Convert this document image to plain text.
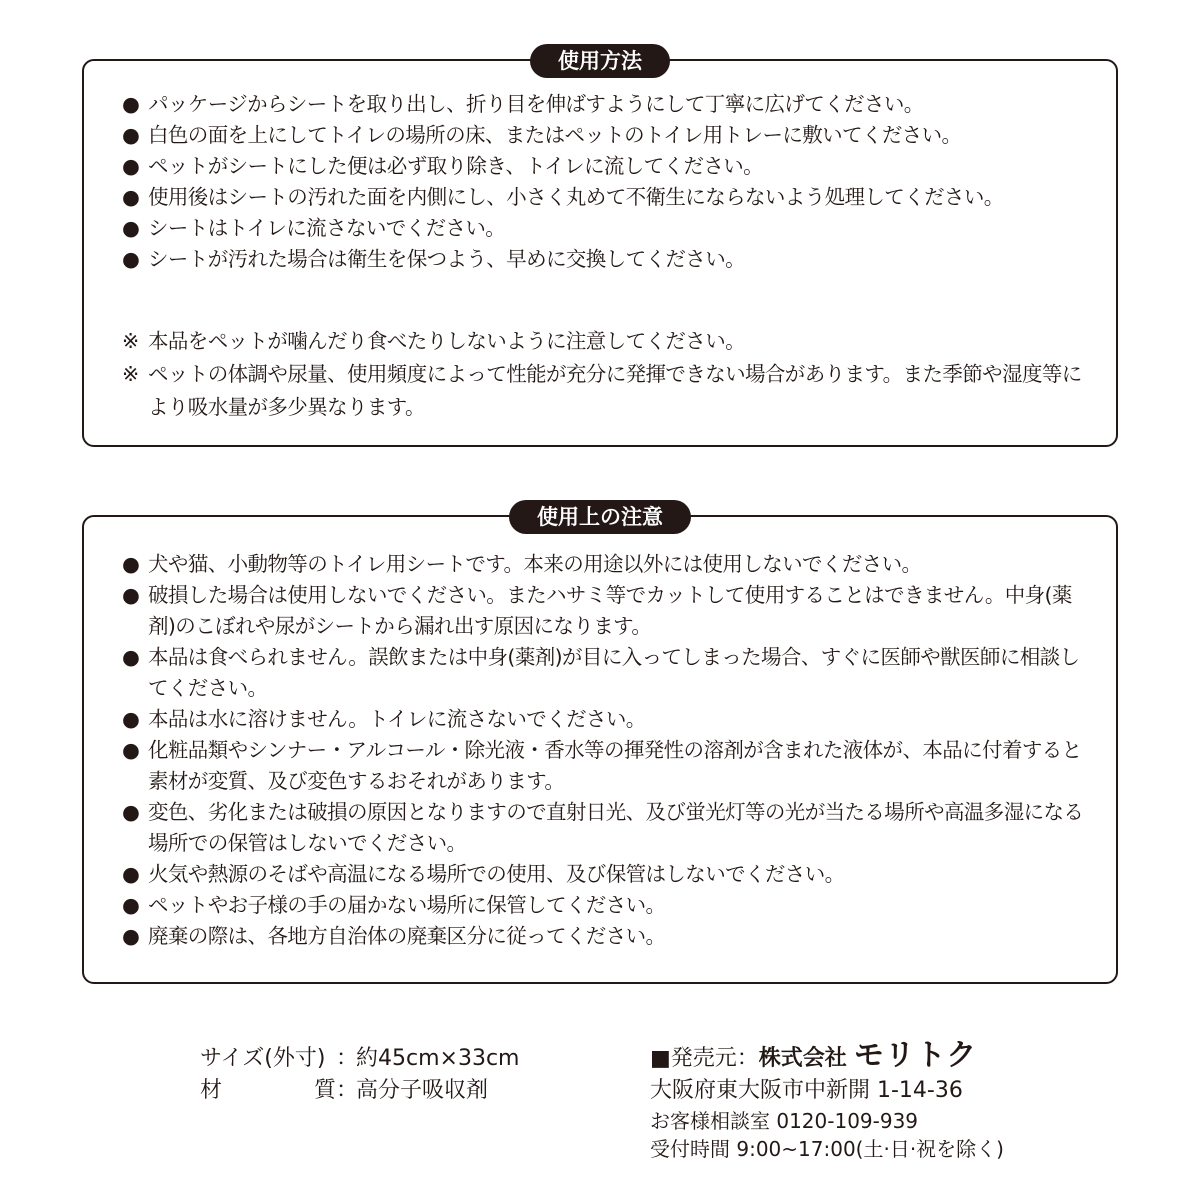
使用方法
● パッケージからシートを取り出し、折り目を伸ばすようにして丁寧に広げてください。
● 白色の面を上にしてトイレの場所の床、またはペットのトイレ用トレーに敷いてください。
● ペットがシートにした便は必ず取り除き、トイレに流してください。
● 使用後はシートの汚れた面を内側にし、小さく丸めて不衛生にならないよう処理してください。
● シートはトイレに流さないでください。
● シートが汚れた場合は衛生を保つよう、早めに交換してください。
※ 本品をペットが噛んだり食べたりしないように注意してください。
※ ペットの体調や尿量、使用頻度によって性能が充分に発揮できない場合があります。また季節や湿度等により吸水量が多少異なります。
使用上の注意
● 犬や猫、小動物等のトイレ用シートです。本来の用途以外には使用しないでください。
● 破損した場合は使用しないでください。またハサミ等でカットして使用することはできません。中身(薬剤)のこぼれや尿がシートから漏れ出す原因になります。
● 本品は食べられません。誤飲または中身(薬剤)が目に入ってしまった場合、すぐに医師や獣医師に相談してください。
● 本品は水に溶けません。トイレに流さないでください。
● 化粧品類やシンナー・アルコール・除光液・香水等の揮発性の溶剤が含まれた液体が、本品に付着すると素材が変質、及び変色するおそれがあります。
● 変色、劣化または破損の原因となりますので直射日光、及び蛍光灯等の光が当たる場所や高温多湿になる場所での保管はしないでください。
● 火気や熱源のそばや高温になる場所での使用、及び保管はしないでください。
● ペットやお子様の手の届かない場所に保管してください。
● 廃棄の際は、各地方自治体の廃棄区分に従ってください。
サイズ(外寸) ：
約45cm×33cm
材	質 ：
高分子吸収剤
■発売元：株式会社 モリトク
大阪府東大阪市中新開 1-14-36
お客様相談室 0120-109-939
受付時間 9:00~17:00(土·日·祝を除く)
